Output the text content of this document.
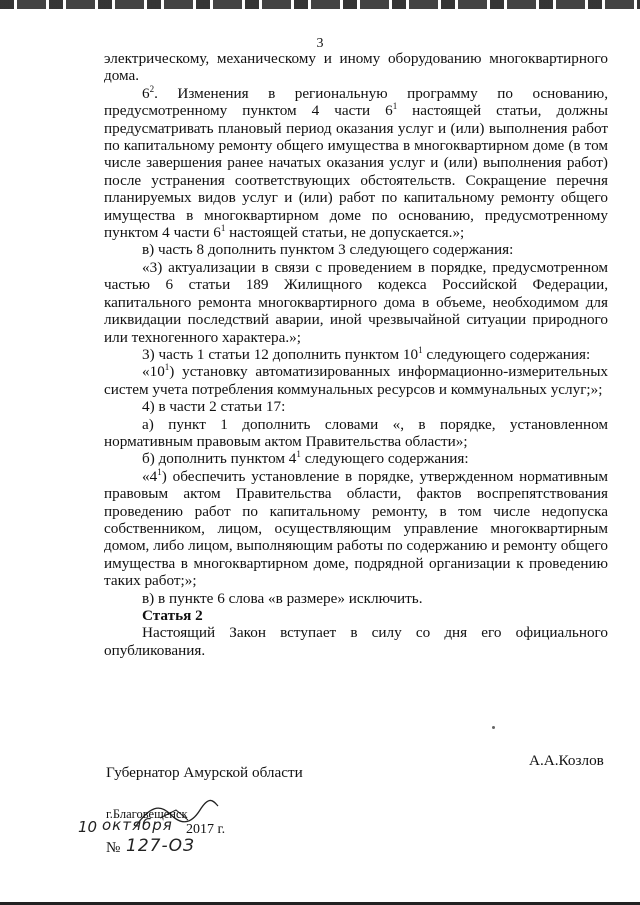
3

электрическому, механическому и иному оборудованию многоквартирного дома.

$6^2$. Изменения в региональную программу по основанию, предусмотренному пунктом 4 части $6^1$ настоящей статьи, должны предусматривать плановый период оказания услуг и (или) выполнения работ по капитальному ремонту общего имущества в многоквартирном доме (в том числе завершения ранее начатых оказания услуг и (или) выполнения работ) после устранения соответствующих обстоятельств. Сокращение перечня планируемых видов услуг и (или) работ по капитальному ремонту общего имущества в многоквартирном доме по основанию, предусмотренному пунктом 4 части $6^1$ настоящей статьи, не допускается.»;

в) часть 8 дополнить пунктом 3 следующего содержания:

«3) актуализации в связи с проведением в порядке, предусмотренном частью 6 статьи 189 Жилищного кодекса Российской Федерации, капитального ремонта многоквартирного дома в объеме, необходимом для ликвидации последствий аварии, иной чрезвычайной ситуации природного или техногенного характера.»;

3) часть 1 статьи 12 дополнить пунктом $10^1$ следующего содержания:

«$10^1$) установку автоматизированных информационно-измерительных систем учета потребления коммунальных ресурсов и коммунальных услуг;»;

4) в части 2 статьи 17:

а) пункт 1 дополнить словами «, в порядке, установленном нормативным правовым актом Правительства области»;

б) дополнить пунктом $4^1$ следующего содержания:

«$4^1$) обеспечить установление в порядке, утвержденном нормативным правовым актом Правительства области, фактов воспрепятствования проведению работ по капитальному ремонту, в том числе недопуска собственником, лицом, осуществляющим управление многоквартирным домом, либо лицом, выполняющим работы по содержанию и ремонту общего имущества в многоквартирном доме, подрядной организации к проведению таких работ;»;

в) в пункте 6 слова «в размере» исключить.

Статья 2

Настоящий Закон вступает в силу со дня его официального опубликования.

А.А.Козлов
Губернатор Амурской области
г.Благовещенск
10 октября 2017 г.
№ 127-ОЗ
